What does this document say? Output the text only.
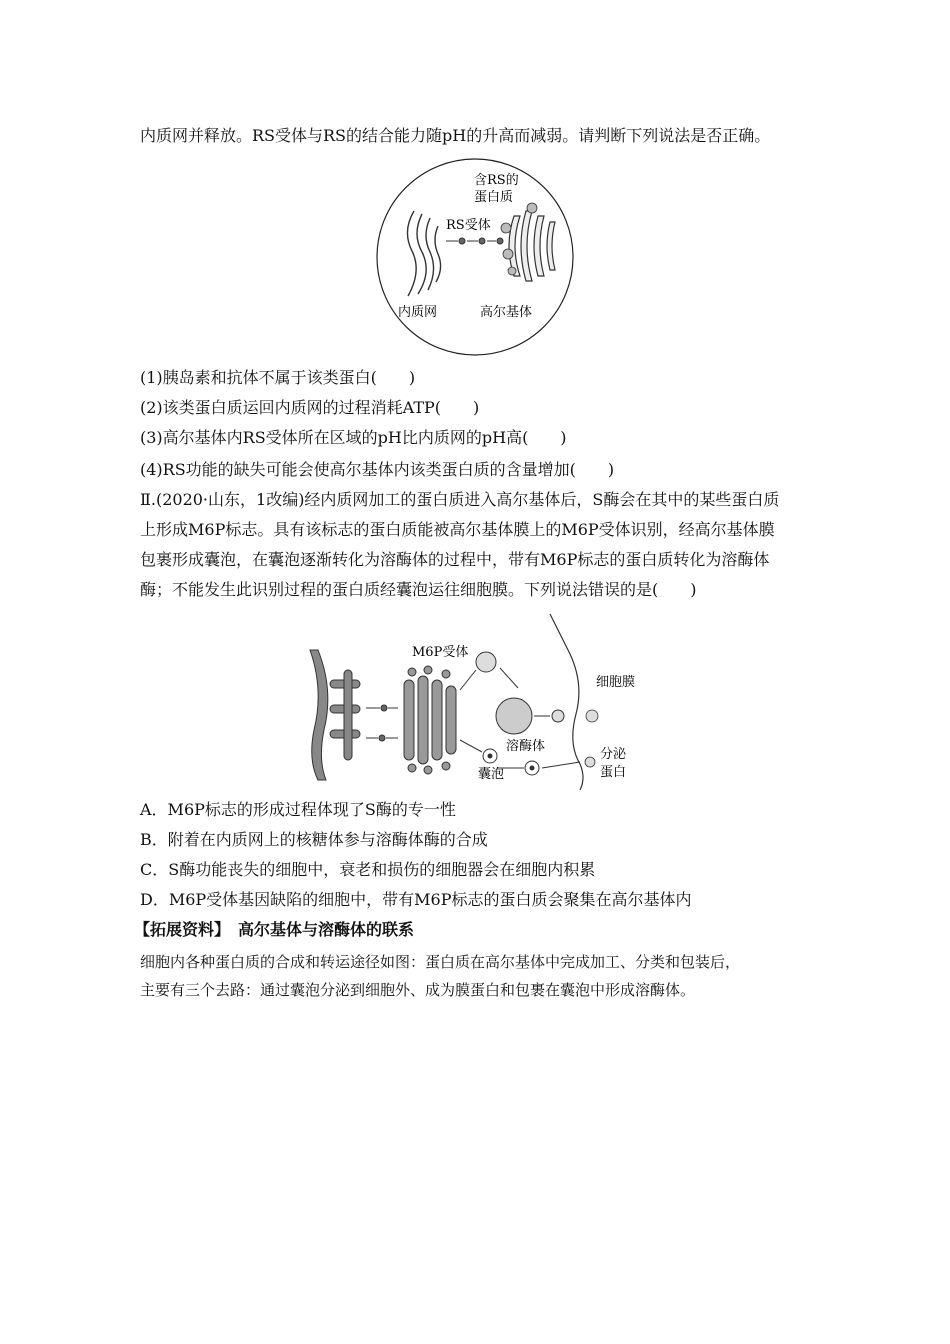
内质网并释放。RS受体与RS的结合能力随pH的升高而减弱。请判断下列说法是否正确。
含RS的
蛋白质
RS受体
内质网	高尔基体
(1)胰岛素和抗体不属于该类蛋白(　　)
(2)该类蛋白质运回内质网的过程消耗ATP(　　)
(3)高尔基体内RS受体所在区域的pH比内质网的pH高(　　)
(4)RS功能的缺失可能会使高尔基体内该类蛋白质的含量增加(　　)
Ⅱ.(2020·山东，1改编)经内质网加工的蛋白质进入高尔基体后，S酶会在其中的某些蛋白质
上形成M6P标志。具有该标志的蛋白质能被高尔基体膜上的M6P受体识别，经高尔基体膜
包裹形成囊泡，在囊泡逐渐转化为溶酶体的过程中，带有M6P标志的蛋白质转化为溶酶体
酶；不能发生此识别过程的蛋白质经囊泡运往细胞膜。下列说法错误的是(　　)
M6P受体
细胞膜
溶酶体
囊泡
分泌
蛋白
A．M6P标志的形成过程体现了S酶的专一性
B．附着在内质网上的核糖体参与溶酶体酶的合成
C．S酶功能丧失的细胞中，衰老和损伤的细胞器会在细胞内积累
D．M6P受体基因缺陷的细胞中，带有M6P标志的蛋白质会聚集在高尔基体内
【拓展资料】　高尔基体与溶酶体的联系
细胞内各种蛋白质的合成和转运途径如图：蛋白质在高尔基体中完成加工、分类和包装后，
主要有三个去路：通过囊泡分泌到细胞外、成为膜蛋白和包裹在囊泡中形成溶酶体。
